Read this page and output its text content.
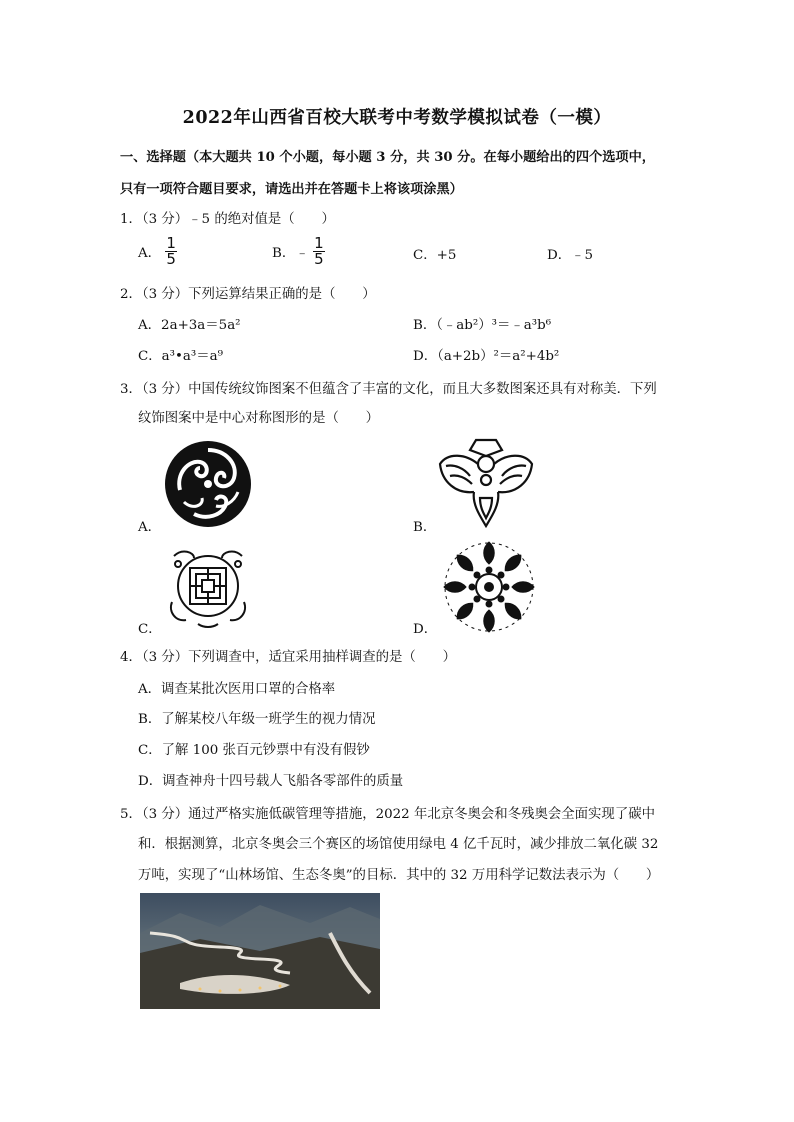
2022年山西省百校大联考中考数学模拟试卷（一模）
一、选择题（本大题共 10 个小题，每小题 3 分，共 30 分。在每小题给出的四个选项中，
只有一项符合题目要求，请选出并在答题卡上将该项涂黑）
1．（3 分）﹣5 的绝对值是（　　）
A． $\frac{1}{5}$	B． ﹣ $\frac{1}{5}$	C．+5	D．﹣5
2．（3 分）下列运算结果正确的是（　　）
A．2a+3a＝5a²	B．（﹣ab²）³＝﹣a³b⁶
C．a³•a³＝a⁹	D．（a+2b）²＝a²+4b²
3．（3 分）中国传统纹饰图案不但蕴含了丰富的文化，而且大多数图案还具有对称美．下列
纹饰图案中是中心对称图形的是（　　）
A．	B．
C．	D．
4．（3 分）下列调查中，适宜采用抽样调查的是（　　）
A．调查某批次医用口罩的合格率
B．了解某校八年级一班学生的视力情况
C．了解 100 张百元钞票中有没有假钞
D．调查神舟十四号载人飞船各零部件的质量
5．（3 分）通过严格实施低碳管理等措施，2022 年北京冬奥会和冬残奥会全面实现了碳中
和．根据测算，北京冬奥会三个赛区的场馆使用绿电 4 亿千瓦时，减少排放二氧化碳 32
万吨，实现了“山林场馆、生态冬奥”的目标．其中的 32 万用科学记数法表示为（　　）
